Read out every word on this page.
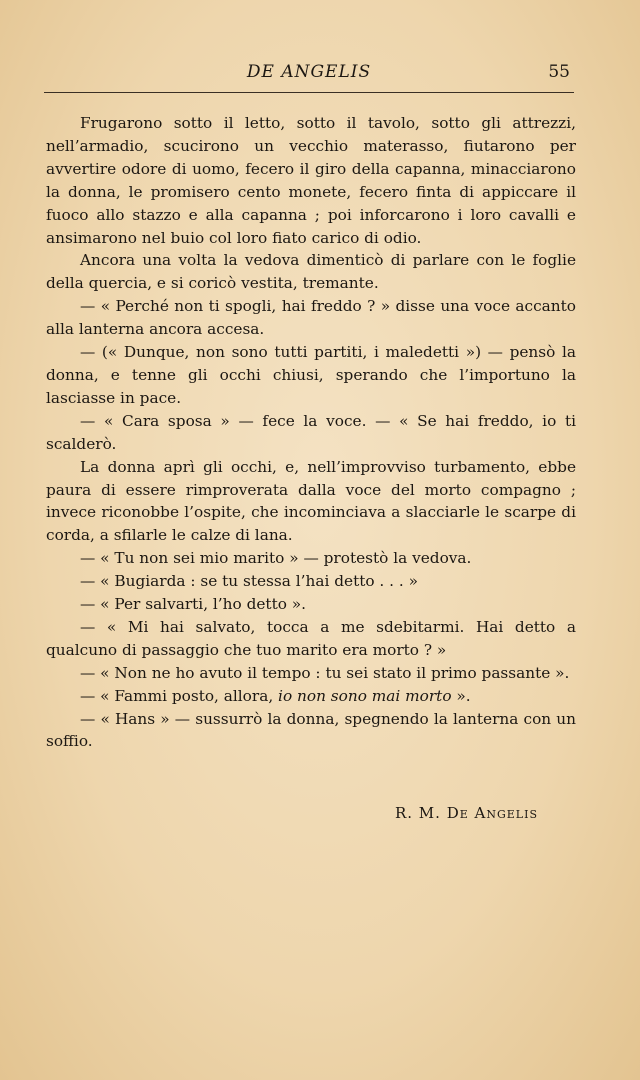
DE ANGELIS	55

Frugarono sotto il letto, sotto il tavolo, sotto gli attrezzi, nell’armadio, scucirono un vecchio materasso, fiutarono per avvertire odore di uomo, fecero il giro della capanna, minacciarono la donna, le promisero cento monete, fecero finta di appiccare il fuoco allo stazzo e alla capanna ; poi inforcarono i loro cavalli e ansimarono nel buio col loro fiato carico di odio.

Ancora una volta la vedova dimenticò di parlare con le foglie della quercia, e si coricò vestita, tremante.

— « Perché non ti spogli, hai freddo ? » disse una voce accanto alla lanterna ancora accesa.

— (« Dunque, non sono tutti partiti, i maledetti ») — pensò la donna, e tenne gli occhi chiusi, sperando che l’importuno la lasciasse in pace.

— « Cara sposa » — fece la voce. — « Se hai freddo, io ti scalderò.

La donna aprì gli occhi, e, nell’improvviso turbamento, ebbe paura di essere rimproverata dalla voce del morto compagno ; invece riconobbe l’ospite, che incominciava a slacciarle le scarpe di corda, a sfilarle le calze di lana.

— « Tu non sei mio marito » — protestò la vedova.

— « Bugiarda : se tu stessa l’hai detto . . . »

— « Per salvarti, l’ho detto ».

— « Mi hai salvato, tocca a me sdebitarmi. Hai detto a qualcuno di passaggio che tuo marito era morto ? »

— « Non ne ho avuto il tempo : tu sei stato il primo passante ».

— « Fammi posto, allora, io non sono mai morto ».

— « Hans » — sussurrò la donna, spegnendo la lanterna con un soffio.

R. M. De Angelis
